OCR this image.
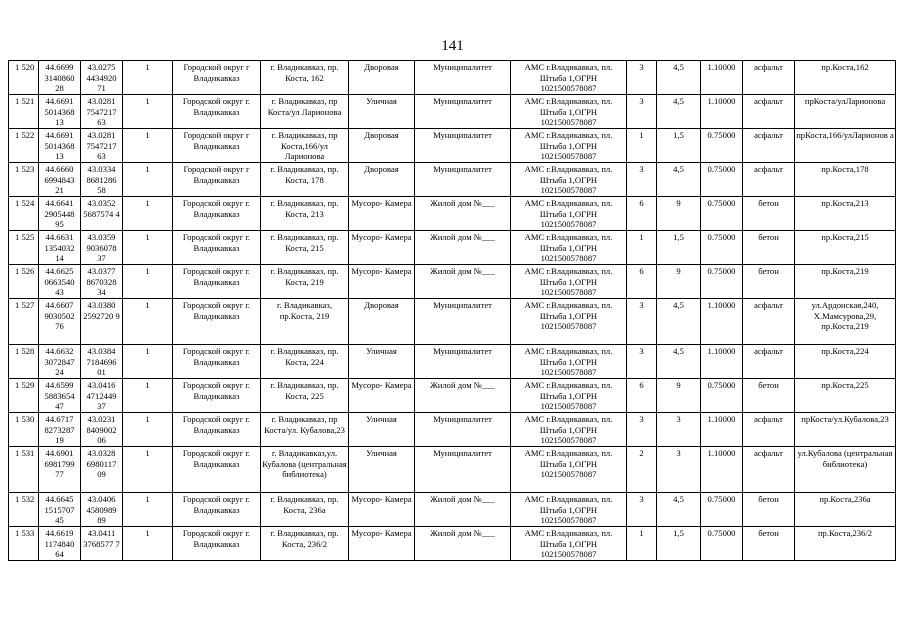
141
1 520	44.6699 3140860 28	43.0275 4434920 71	1	Городской округ г Владикавказ	г. Владикавказ, пр. Коста, 162	Дворовая	Муниципалитет	АМС г.Владикавказ, пл. Штыба 1,ОГРН 1021500578087	3	4,5	1.10000	асфальт	пр.Коста,162
1 521	44.6691 5014368 13	43.0281 7547217 63	1	Городской округ г. Владикавказ	г. Владикавказ, пр Коста/ул Ларионова	Уличная	Муниципалитет	АМС г.Владикавказ, пл. Штыба 1,ОГРН 1021500578087	3	4,5	1.10000	асфальт	прКоста/улЛарионова
1 522	44.6691 5014368 13	43.0281 7547217 63	1	Городской округ г Владикавказ	г. Владикавказ, пр Коста,166/ул Ларионова	Дворовая	Муниципалитет	АМС г.Владикавказ, пл. Штыба 1,ОГРН 1021500578087	1	1,5	0.75000	асфальт	прКоста,166/улЛарионов а
1 523	44.6660 6994843 21	43.0334 8681286 58	1	Городской округ г Владикавказ	г. Владикавказ, пр. Коста, 178	Дворовая	Муниципалитет	АМС г.Владикавказ, пл. Штыба 1,ОГРН 1021500578087	3	4,5	0.75000	асфальт	пр.Коста,178
1 524	44.6641 2905448 95	43.0352 5687574 4	1	Городской округ г. Владикавказ	г. Владикавказ, пр. Коста, 213	Мусоро- Камера	Жилой дом №___	АМС г.Владикавказ, пл. Штыба 1,ОГРН 1021500578087	6	9	0.75000	бетон	пр.Коста,213
1 525	44.6631 1354032 14	43.0359 9036078 37	1	Городской округ г. Владикавказ	г. Владикавказ, пр. Коста, 215	Мусоро- Камера	Жилой дом №___	АМС г.Владикавказ, пл. Штыба 1,ОГРН 1021500578087	1	1,5	0.75000	бетон	пр.Коста,215
1 526	44.6625 0663540 43	43.0377 8670328 34	1	Городской округ г. Владикавказ	г. Владикавказ, пр. Коста, 219	Мусоро- Камера	Жилой дом №___	АМС г.Владикавказ, пл. Штыба 1,ОГРН 1021500578087	6	9	0.75000	бетон	пр.Коста,219
1 527	44.6607 9030502 76	43.0380 2592720 9	1	Городской округ г. Владикавказ	г. Владикавказ, пр.Коста, 219	Дворовая	Муниципалитет	АМС г.Владикавказ, пл. Штыба 1,ОГРН 1021500578087	3	4,5	1.10000	асфальт	ул.Ардонская,240, Х.Мамсурова,29, пр.Коста,219
1 528	44.6632 3072847 24	43.0384 7184696 01	1	Городской округ г. Владикавказ	г. Владикавказ, пр. Коста, 224	Уличная	Муниципалитет	АМС г.Владикавказ, пл. Штыба 1,ОГРН 1021500578087	3	4,5	1.10000	асфальт	пр.Коста,224
1 529	44.6599 5883654 47	43.0416 4712449 37	1	Городской округ г. Владикавказ	г. Владикавказ, пр. Коста, 225	Мусоро- Камера	Жилой дом №___	АМС г.Владикавказ, пл. Штыба 1,ОГРН 1021500578087	6	9	0.75000	бетон	пр.Коста,225
1 530	44.6717 8273287 19	43.0231 8409002 06	1	Городской округ г. Владикавказ	г. Владикавказ, пр Коста/ул. Кубалова,23	Уличная	Муниципалитет	АМС г.Владикавказ, пл. Штыба 1,ОГРН 1021500578087	3	3	1.10000	асфальт	прКоста/ул.Кубалова,23
1 531	44.6901 6981799 77	43.0328 6980117 09	1	Городской округ г. Владикавказ	г. Владикавказ,ул. Кубалова (центральная библиотека)	Уличная	Муниципалитет	АМС г.Владикавказ, пл. Штыба 1,ОГРН 1021500578087	2	3	1.10000	асфальт	ул.Кубалова (центральная библиотека)
1 532	44.6645 1515707 45	43.0406 4580989 89	1	Городской округ г. Владикавказ	г. Владикавказ, пр. Коста, 236а	Мусоро- Камера	Жилой дом №___	АМС г.Владикавказ, пл. Штыба 1,ОГРН 1021500578087	3	4,5	0.75000	бетон	пр.Коста,236а
1 533	44.6619 1174840 64	43.0411 3768577 7	1	Городской округ г. Владикавказ	г. Владикавказ, пр. Коста, 236/2	Мусоро- Камера	Жилой дом №___	АМС г.Владикавказ, пл. Штыба 1,ОГРН 1021500578087	1	1,5	0.75000	бетон	пр.Коста,236/2
